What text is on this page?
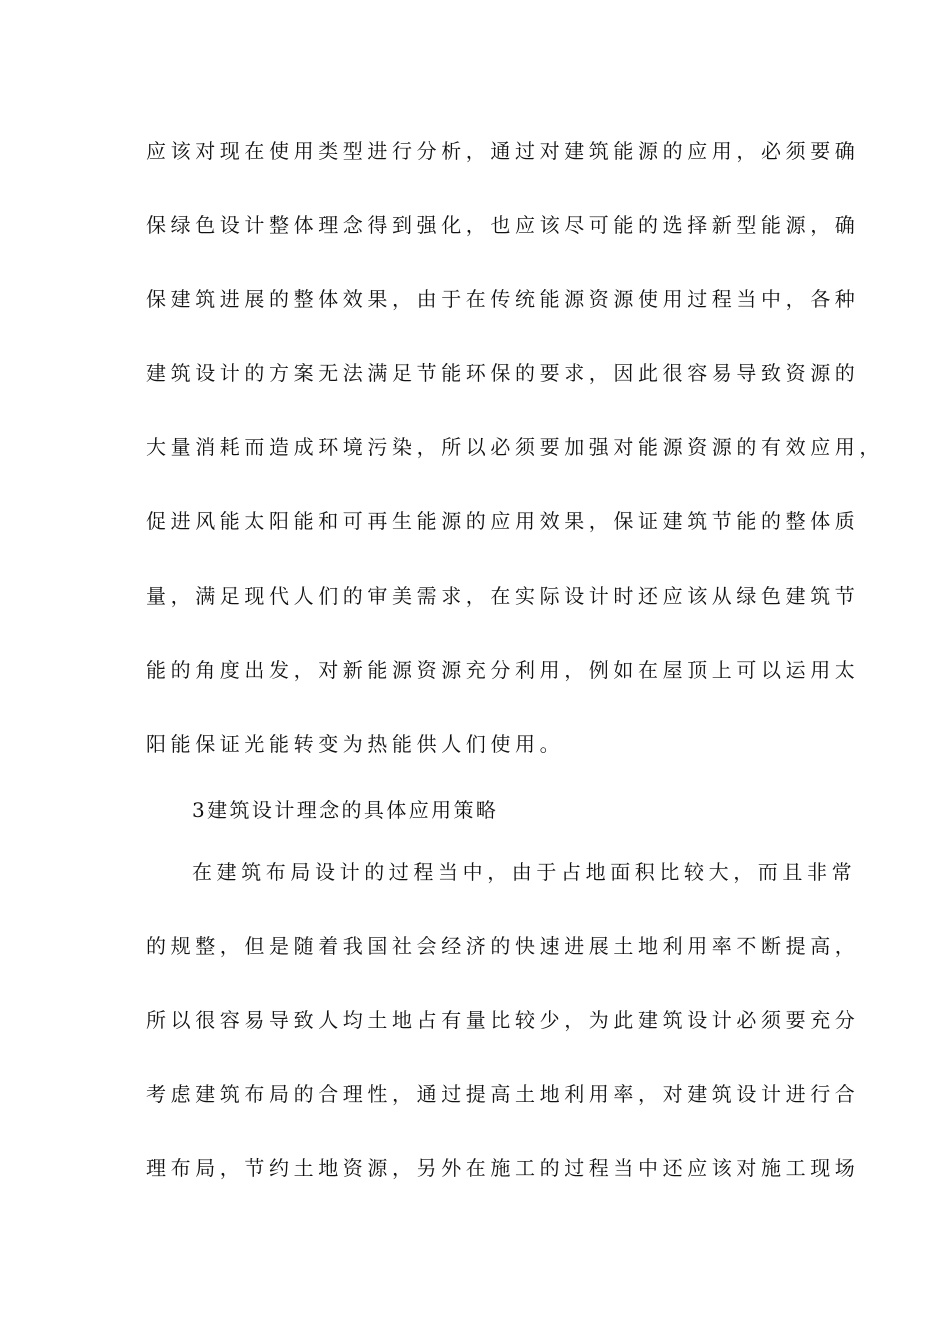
应该对现在使用类型进行分析，通过对建筑能源的应用，必须要确
保绿色设计整体理念得到强化，也应该尽可能的选择新型能源，确
保建筑进展的整体效果，由于在传统能源资源使用过程当中，各种
建筑设计的方案无法满足节能环保的要求，因此很容易导致资源的
大量消耗而造成环境污染，所以必须要加强对能源资源的有效应用，
促进风能太阳能和可再生能源的应用效果，保证建筑节能的整体质
量，满足现代人们的审美需求，在实际设计时还应该从绿色建筑节
能的角度出发，对新能源资源充分利用，例如在屋顶上可以运用太
阳能保证光能转变为热能供人们使用。
3建筑设计理念的具体应用策略
在建筑布局设计的过程当中，由于占地面积比较大，而且非常
的规整，但是随着我国社会经济的快速进展土地利用率不断提高，
所以很容易导致人均土地占有量比较少，为此建筑设计必须要充分
考虑建筑布局的合理性，通过提高土地利用率，对建筑设计进行合
理布局，节约土地资源，另外在施工的过程当中还应该对施工现场
